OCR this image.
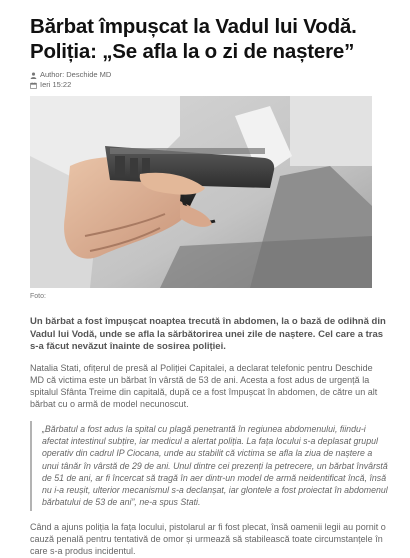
Bărbat împușcat la Vadul lui Vodă. Poliția: „Se afla la o zi de naștere”
Author: Deschide MD
Ieri 15:22
Foto:

Un bărbat a fost împușcat noaptea trecută în abdomen, la o bază de odihnă din Vadul lui Vodă, unde se afla la sărbătorirea unei zile de naștere. Cel care a tras s-a făcut nevăzut înainte de sosirea poliției.

Natalia Stati, ofițerul de presă al Poliției Capitalei, a declarat telefonic pentru Deschide MD că victima este un bărbat în vârstă de 53 de ani. Acesta a fost adus de urgență la spitalul Sfânta Treime din capitală, după ce a fost împușcat în abdomen, de către un alt bărbat cu o armă de model necunoscut.

„Bărbatul a fost adus la spital cu plagă penetrantă în regiunea abdomenului, fiindu-i afectat intestinul subțire, iar medicul a alertat poliția. La fața locului s-a deplasat grupul operativ din cadrul IP Ciocana, unde au stabilit că victima se afla la ziua de naștere a unui tânăr în vârstă de 29 de ani. Unul dintre cei prezenți la petrecere, un bărbat învârstă de 51 de ani, ar fi încercat să tragă în aer dintr-un model de armă neidentificat încă, însă nu i-a reușit, ulterior mecanismul s-a declanșat, iar glontele a fost proiectat în abdomenul bărbatului de 53 de ani”, ne-a spus Stati.

Când a ajuns poliția la fața locului, pistolarul ar fi fost plecat, însă oamenii legii au pornit o cauză penală pentru tentativă de omor și urmează să stabilească toate circumstanțele în care s-a produs incidentul.
